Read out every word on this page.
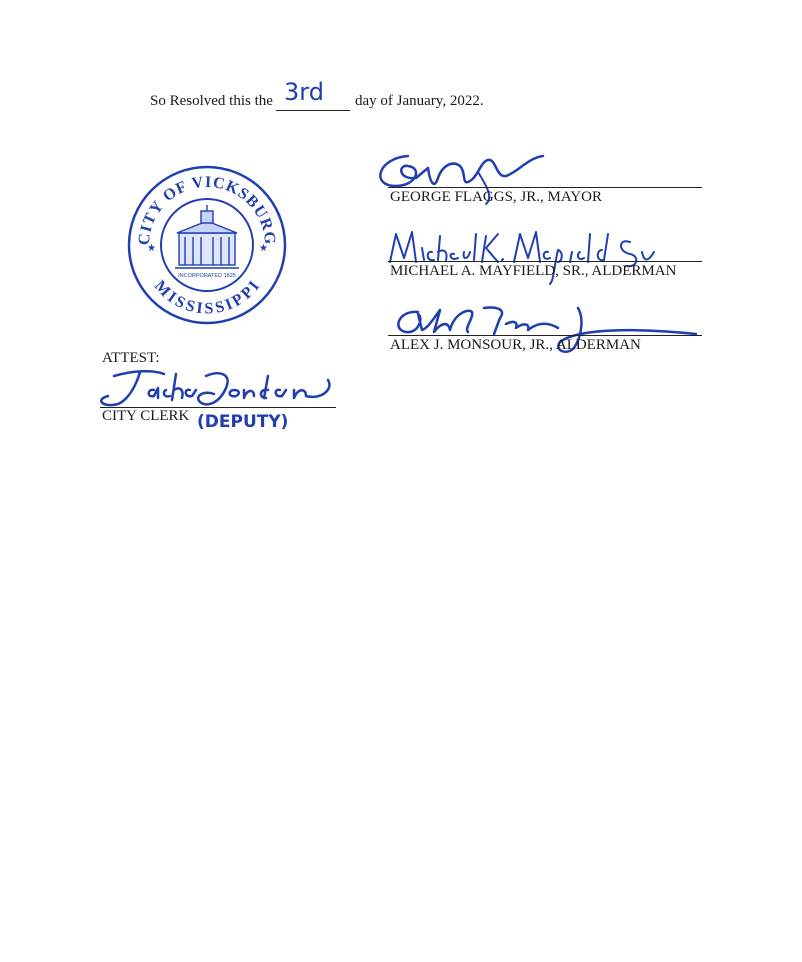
So Resolved this the 3rd day of January, 2022.
CITY OF VICKSBURG
MISSISSIPPI
★	★
INCORPORATED 1825
GEORGE FLAGGS, JR., MAYOR
MICHAEL A. MAYFIELD, SR., ALDERMAN
ALEX J. MONSOUR, JR., ALDERMAN
ATTEST:
CITY CLERK (DEPUTY)
